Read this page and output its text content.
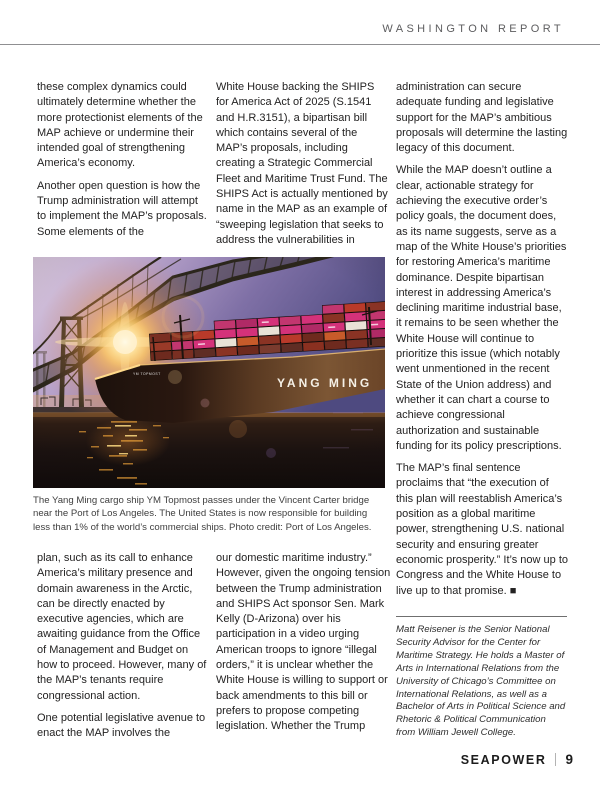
WASHINGTON REPORT

these complex dynamics could ultimately determine whether the more protectionist elements of the MAP achieve or undermine their intended goal of strengthening America’s economy.

Another open question is how the Trump administration will attempt to implement the MAP’s proposals. Some elements of the

White House backing the SHIPS for America Act of 2025 (S.1541 and H.R.3151), a bipartisan bill which contains several of the MAP’s proposals, including creating a Strategic Commercial Fleet and Maritime Trust Fund. The SHIPS Act is actually mentioned by name in the MAP as an example of “sweeping legislation that seeks to address the vulnerabilities in

administration can secure adequate funding and legislative support for the MAP’s ambitious proposals will determine the lasting legacy of this document.

While the MAP doesn’t outline a clear, actionable strategy for achieving the executive order’s policy goals, the document does, as its name suggests, serve as a map of the White House’s priorities for restoring America’s maritime dominance. Despite bipartisan interest in addressing America’s declining maritime industrial base, it remains to be seen whether the White House will continue to prioritize this issue (which notably went unmentioned in the recent State of the Union address) and whether it can chart a course to achieve congressional authorization and sustainable funding for its policy prescriptions.

The MAP’s final sentence proclaims that “the execution of this plan will reestablish America’s position as a global maritime power, strengthening U.S. national security and ensuring greater economic prosperity.” It’s now up to Congress and the White House to live up to that promise. ■

The Yang Ming cargo ship YM Topmost passes under the Vincent Carter bridge near the Port of Los Angeles. The United States is now responsible for building less than 1% of the world’s commercial ships. Photo credit: Port of Los Angeles.

plan, such as its call to enhance America’s military presence and domain awareness in the Arctic, can be directly enacted by executive agencies, which are awaiting guidance from the Office of Management and Budget on how to proceed. However, many of the MAP’s tenants require congressional action.

One potential legislative avenue to enact the MAP involves the

our domestic maritime industry.” However, given the ongoing tension between the Trump administration and SHIPS Act sponsor Sen. Mark Kelly (D-Arizona) over his participation in a video urging American troops to ignore “illegal orders,” it is unclear whether the White House is willing to support or back amendments to this bill or prefers to propose competing legislation. Whether the Trump

Matt Reisener is the Senior National Security Advisor for the Center for Maritime Strategy. He holds a Master of Arts in International Relations from the University of Chicago’s Committee on International Relations, as well as a Bachelor of Arts in Political Science and Rhetoric & Political Communication from William Jewell College.
SEAPOWER 9
